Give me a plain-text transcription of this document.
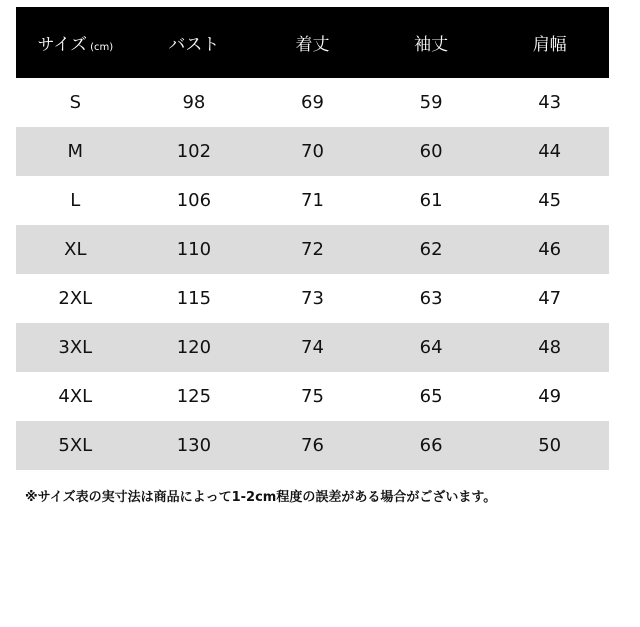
サイズ (cm)	バスト	着丈	袖丈	肩幅
S	98	69	59	43
M	102	70	60	44
L	106	71	61	45
XL	110	72	62	46
2XL	115	73	63	47
3XL	120	74	64	48
4XL	125	75	65	49
5XL	130	76	66	50
※サイズ表の実寸法は商品によって1-2cm程度の誤差がある場合がございます。
